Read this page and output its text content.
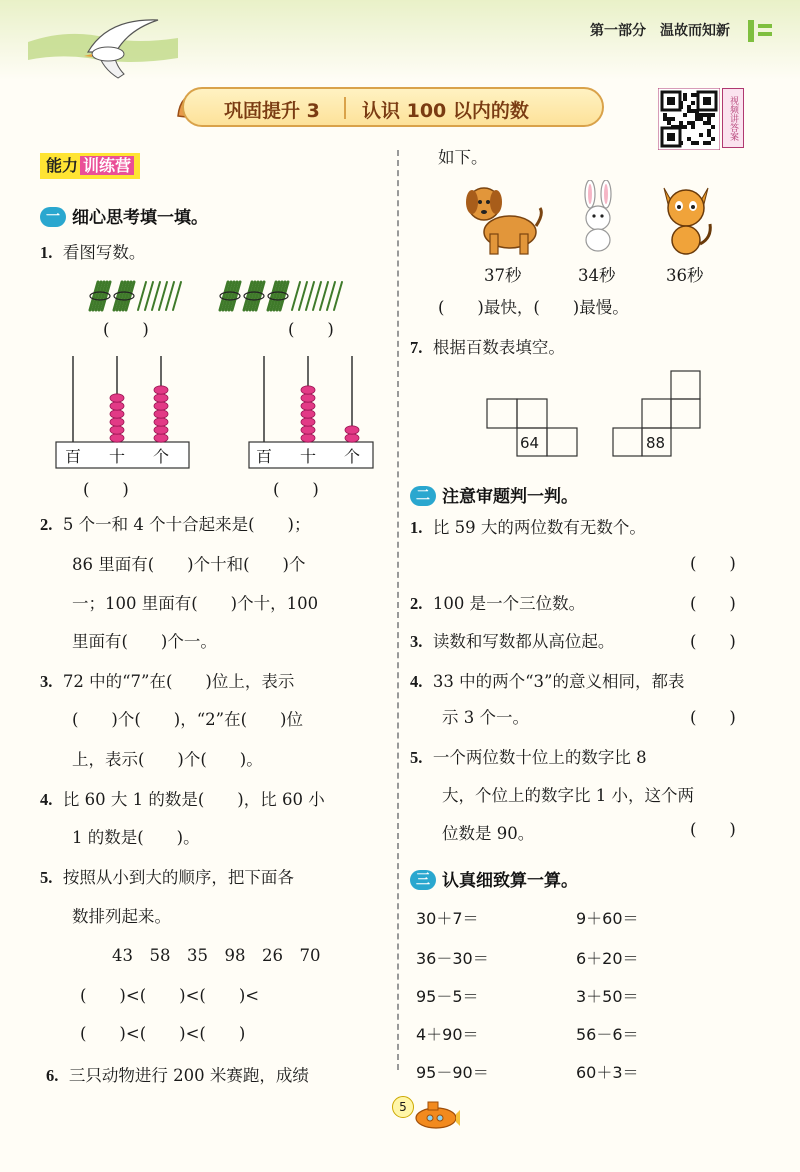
第一部分　温故而知新
巩固提升 3 认识 100 以内的数	视频讲答案
能力 训练营
一 细心思考填一填。
1. 看图写数。
(　　)	(　　)
百 十 个	百 十 个
(　　)	(　　)
2. 5 个一和 4 个十合起来是(　　)；
86 里面有(　　)个十和(　　)个
一；100 里面有(　　)个十，100
里面有(　　)个一。
3. 72 中的“7”在(　　)位上，表示
(　　)个(　　)，“2”在(　　)位
上，表示(　　)个(　　)。
4. 比 60 大 1 的数是(　　)，比 60 小
1 的数是(　　)。
5. 按照从小到大的顺序，把下面各
数排列起来。
43　58　35　98　26　70
(　　)<(　　)<(　　)<
(　　)<(　　)<(　　)
6. 三只动物进行 200 米赛跑，成绩
如下。
37秒	34秒	36秒
(　　)最快，(　　)最慢。
7. 根据百数表填空。
64	88
二 注意审题判一判。
1. 比 59 大的两位数有无数个。
(　　)
2. 100 是一个三位数。	(　　)
3. 读数和写数都从高位起。	(　　)
4. 33 中的两个“3”的意义相同，都表
示 3 个一。	(　　)
5. 一个两位数十位上的数字比 8
大，个位上的数字比 1 小，这个两
位数是 90。	(　　)
三 认真细致算一算。
30＋7＝	9＋60＝
36－30＝	6＋20＝
95－5＝	3＋50＝
4＋90＝	56－6＝
95－90＝	60＋3＝
5
